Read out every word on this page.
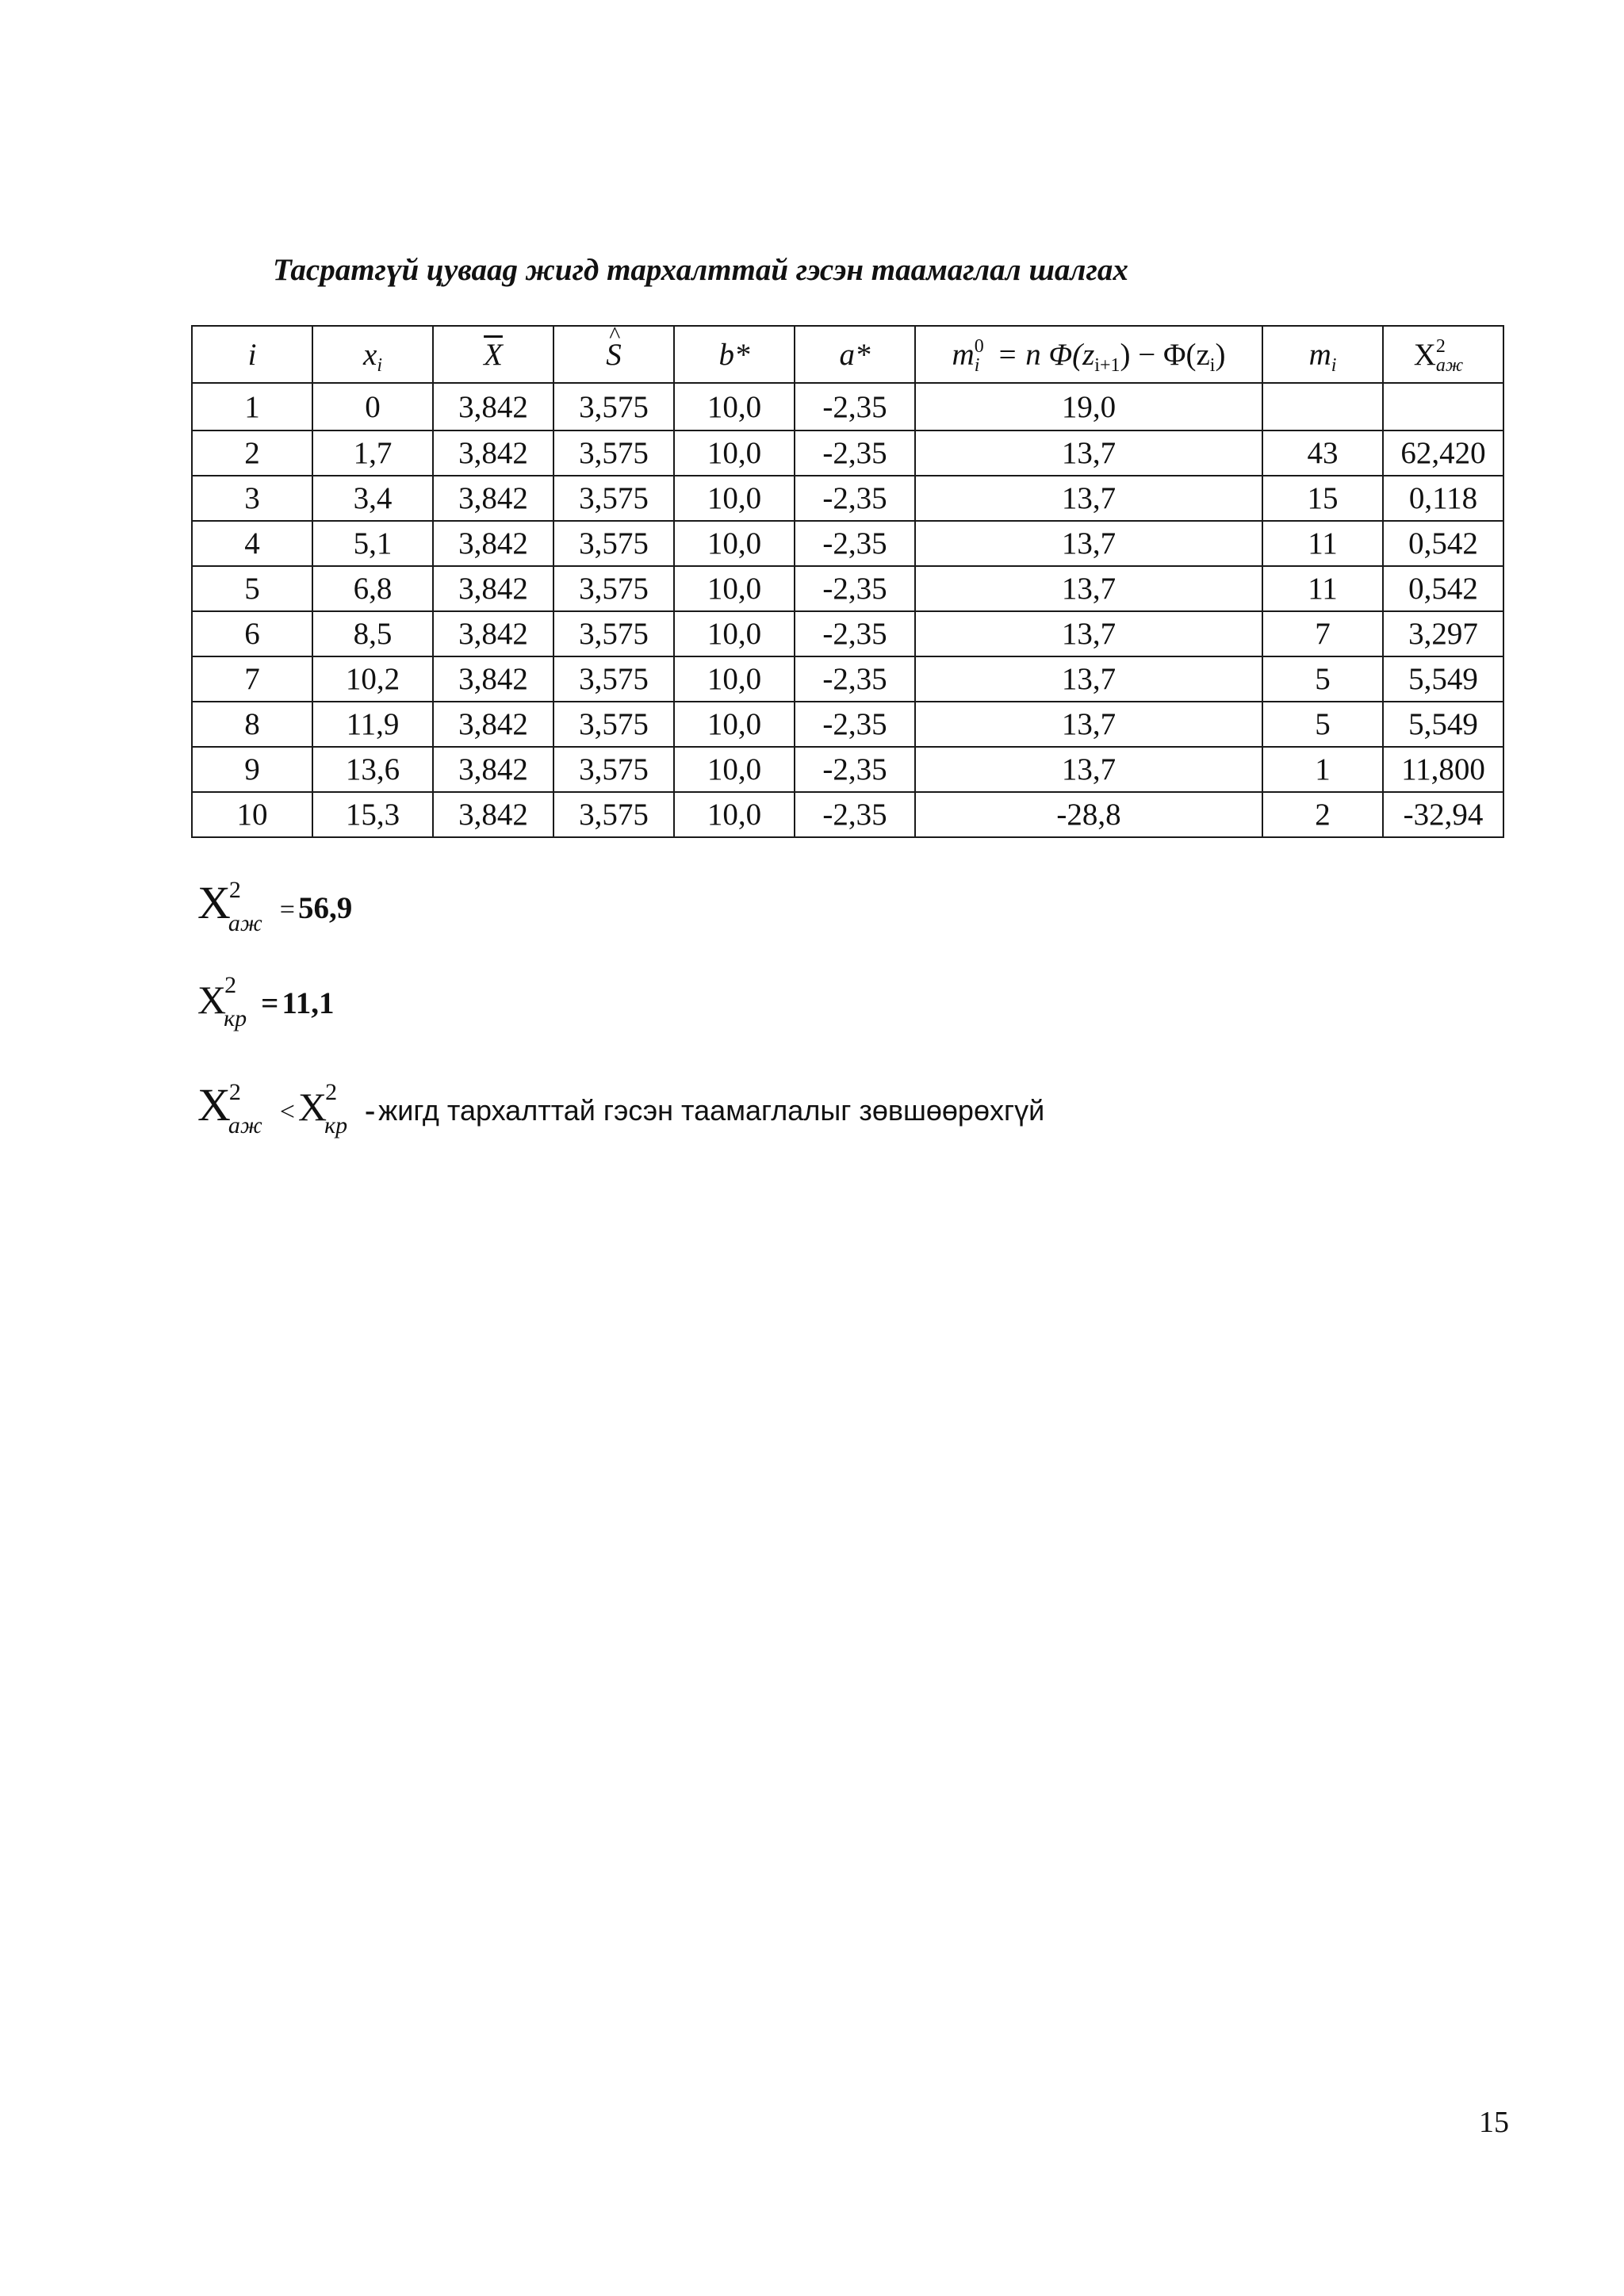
Тасратгүй цуваag жигд тархалттай гэсэн таамаглал шалгах
i	$x_i$	$\overline{X}$	^ S	b*	a*	$m^0_i = n$ $\Phi(z_{i+1}) - \Phi(z_i)$	$m_i$	$X^2_{аж}$
1	0	3,842	3,575	10,0	-2,35	19,0		
2	1,7	3,842	3,575	10,0	-2,35	13,7	43	62,420
3	3,4	3,842	3,575	10,0	-2,35	13,7	15	0,118
4	5,1	3,842	3,575	10,0	-2,35	13,7	11	0,542
5	6,8	3,842	3,575	10,0	-2,35	13,7	11	0,542
6	8,5	3,842	3,575	10,0	-2,35	13,7	7	3,297
7	10,2	3,842	3,575	10,0	-2,35	13,7	5	5,549
8	11,9	3,842	3,575	10,0	-2,35	13,7	5	5,549
9	13,6	3,842	3,575	10,0	-2,35	13,7	1	11,800
10	15,3	3,842	3,575	10,0	-2,35	-28,8	2	-32,94
X2аж = 56,9
X2кр = 11,1
X2аж < X2кр - жигд тархалттай гэсэн таамаглалыг зөвшөөрөхгүй
15
